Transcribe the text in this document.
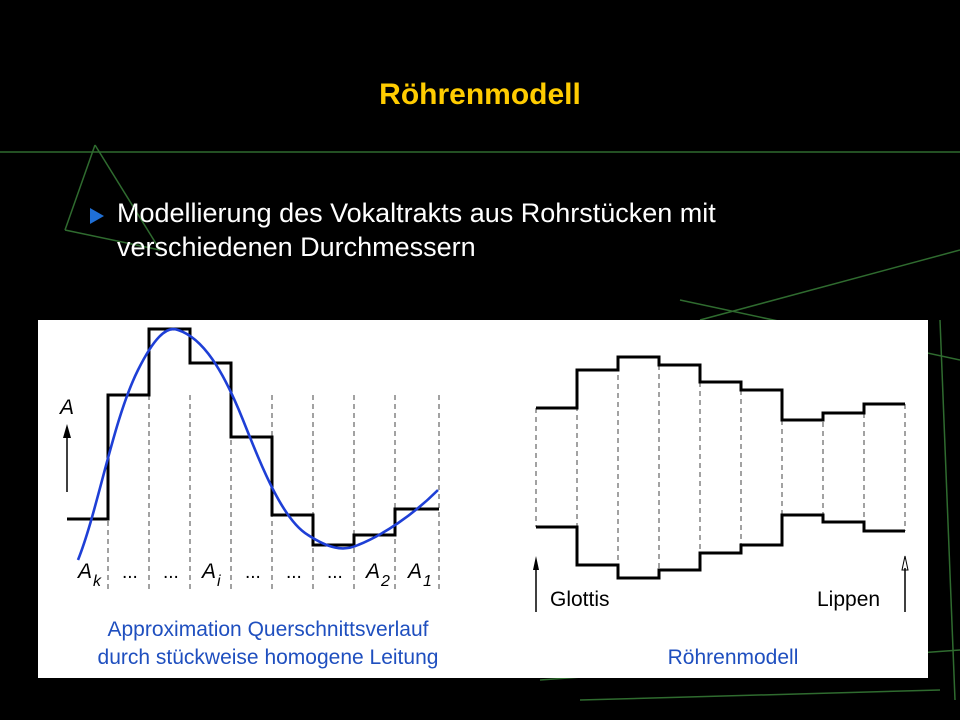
Röhrenmodell
Modellierung des Vokaltrakts aus Rohrstücken mit verschiedenen Durchmessern
A
$A_k$ ... ... $A_i$ ... ... ... $A_2$ $A_1$
Approximation Querschnittsverlauf
durch stückweise homogene Leitung
Glottis	Lippen
Röhrenmodell
